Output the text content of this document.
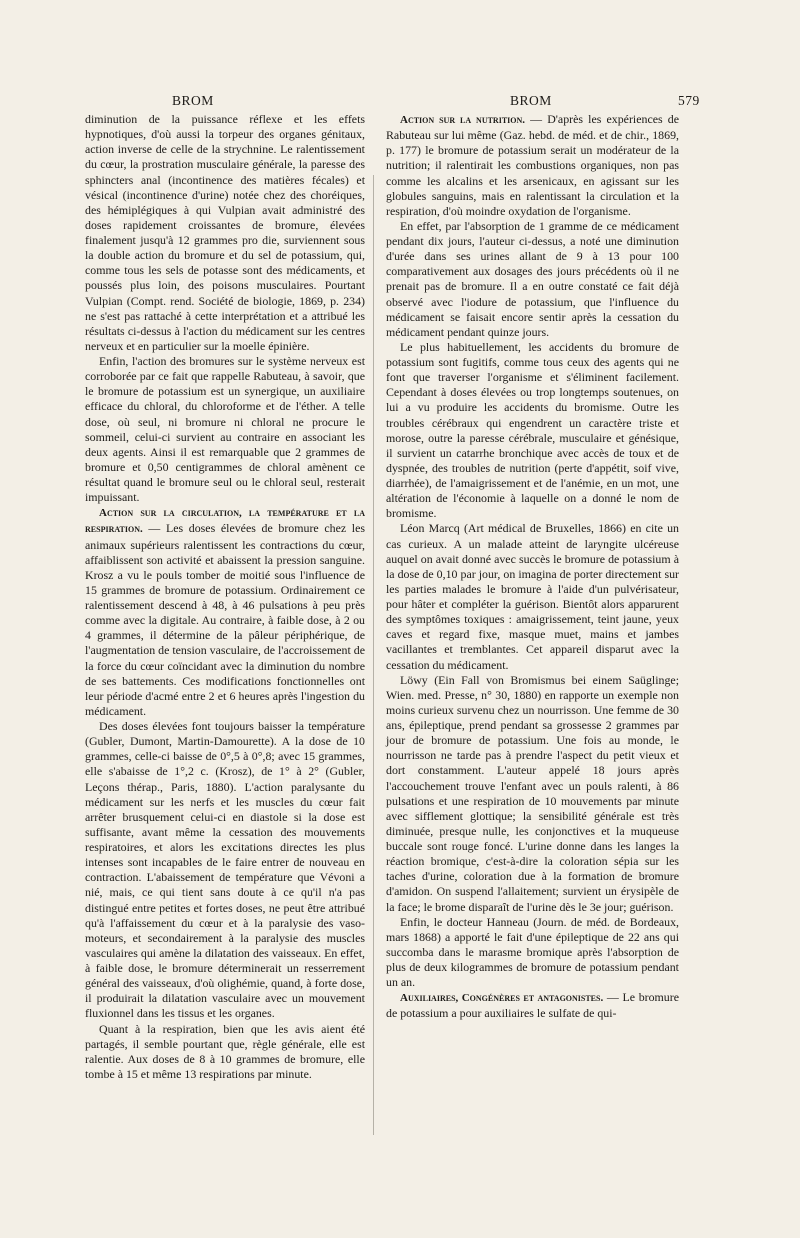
BROM	BROM	579

diminution de la puissance réflexe et les effets hypnotiques, d'où aussi la torpeur des organes génitaux, action inverse de celle de la strychnine. Le ralentissement du cœur, la prostration musculaire générale, la paresse des sphincters anal (incontinence des matières fécales) et vésical (incontinence d'urine) notée chez des choréiques, des hémiplégiques à qui Vulpian avait administré des doses rapidement croissantes de bromure, élevées finalement jusqu'à 12 grammes pro die, surviennent sous la double action du bromure et du sel de potassium, qui, comme tous les sels de potasse sont des médicaments, et poussés plus loin, des poisons musculaires. Pourtant Vulpian (Compt. rend. Société de biologie, 1869, p. 234) ne s'est pas rattaché à cette interprétation et a attribué les résultats ci-dessus à l'action du médicament sur les centres nerveux et en particulier sur la moelle épinière.

Enfin, l'action des bromures sur le système nerveux est corroborée par ce fait que rappelle Rabuteau, à savoir, que le bromure de potassium est un synergique, un auxiliaire efficace du chloral, du chloroforme et de l'éther. A telle dose, où seul, ni bromure ni chloral ne procure le sommeil, celui-ci survient au contraire en associant les deux agents. Ainsi il est remarquable que 2 grammes de bromure et 0,50 centigrammes de chloral amènent ce résultat quand le bromure seul ou le chloral seul, resterait impuissant.

Action sur la circulation, la température et la respiration. — Les doses élevées de bromure chez les animaux supérieurs ralentissent les contractions du cœur, affaiblissent son activité et abaissent la pression sanguine. Krosz a vu le pouls tomber de moitié sous l'influence de 15 grammes de bromure de potassium. Ordinairement ce ralentissement descend à 48, à 46 pulsations à peu près comme avec la digitale. Au contraire, à faible dose, à 2 ou 4 grammes, il détermine de la pâleur périphérique, de l'augmentation de tension vasculaire, de l'accroissement de la force du cœur coïncidant avec la diminution du nombre de ses battements. Ces modifications fonctionnelles ont leur période d'acmé entre 2 et 6 heures après l'ingestion du médicament.

Des doses élevées font toujours baisser la température (Gubler, Dumont, Martin-Damourette). A la dose de 10 grammes, celle-ci baisse de 0°,5 à 0°,8; avec 15 grammes, elle s'abaisse de 1°,2 c. (Krosz), de 1° à 2° (Gubler, Leçons thérap., Paris, 1880). L'action paralysante du médicament sur les nerfs et les muscles du cœur fait arrêter brusquement celui-ci en diastole si la dose est suffisante, avant même la cessation des mouvements respiratoires, et alors les excitations directes les plus intenses sont incapables de le faire entrer de nouveau en contraction. L'abaissement de température que Vévoni a nié, mais, ce qui tient sans doute à ce qu'il n'a pas distingué entre petites et fortes doses, ne peut être attribué qu'à l'affaissement du cœur et à la paralysie des vaso-moteurs, et secondairement à la paralysie des muscles vasculaires qui amène la dilatation des vaisseaux. En effet, à faible dose, le bromure déterminerait un resserrement général des vaisseaux, d'où olighémie, quand, à forte dose, il produirait la dilatation vasculaire avec un mouvement fluxionnel dans les tissus et les organes.

Quant à la respiration, bien que les avis aient été partagés, il semble pourtant que, règle générale, elle est ralentie. Aux doses de 8 à 10 grammes de bromure, elle tombe à 15 et même 13 respirations par minute.

Action sur la nutrition. — D'après les expériences de Rabuteau sur lui même (Gaz. hebd. de méd. et de chir., 1869, p. 177) le bromure de potassium serait un modérateur de la nutrition; il ralentirait les combustions organiques, non pas comme les alcalins et les arsenicaux, en agissant sur les globules sanguins, mais en ralentissant la circulation et la respiration, d'où moindre oxydation de l'organisme.

En effet, par l'absorption de 1 gramme de ce médicament pendant dix jours, l'auteur ci-dessus, a noté une diminution d'urée dans ses urines allant de 9 à 13 pour 100 comparativement aux dosages des jours précédents où il ne prenait pas de bromure. Il a en outre constaté ce fait déjà observé avec l'iodure de potassium, que l'influence du médicament se faisait encore sentir après la cessation du médicament pendant quinze jours.

Le plus habituellement, les accidents du bromure de potassium sont fugitifs, comme tous ceux des agents qui ne font que traverser l'organisme et s'éliminent facilement. Cependant à doses élevées ou trop longtemps soutenues, on lui a vu produire les accidents du bromisme. Outre les troubles cérébraux qui engendrent un caractère triste et morose, outre la paresse cérébrale, musculaire et génésique, il survient un catarrhe bronchique avec accès de toux et de dyspnée, des troubles de nutrition (perte d'appétit, soif vive, diarrhée), de l'amaigrissement et de l'anémie, en un mot, une altération de l'économie à laquelle on a donné le nom de bromisme.

Léon Marcq (Art médical de Bruxelles, 1866) en cite un cas curieux. A un malade atteint de laryngite ulcéreuse auquel on avait donné avec succès le bromure de potassium à la dose de 0,10 par jour, on imagina de porter directement sur les parties malades le bromure à l'aide d'un pulvérisateur, pour hâter et compléter la guérison. Bientôt alors apparurent des symptômes toxiques : amaigrissement, teint jaune, yeux caves et regard fixe, masque muet, mains et jambes vacillantes et tremblantes. Cet appareil disparut avec la cessation du médicament.

Löwy (Ein Fall von Bromismus bei einem Saüglinge; Wien. med. Presse, n° 30, 1880) en rapporte un exemple non moins curieux survenu chez un nourrisson. Une femme de 30 ans, épileptique, prend pendant sa grossesse 2 grammes par jour de bromure de potassium. Une fois au monde, le nourrisson ne tarde pas à prendre l'aspect du petit vieux et dort constamment. L'auteur appelé 18 jours après l'accouchement trouve l'enfant avec un pouls ralenti, à 86 pulsations et une respiration de 10 mouvements par minute avec sifflement glottique; la sensibilité générale est très diminuée, presque nulle, les conjonctives et la muqueuse buccale sont rouge foncé. L'urine donne dans les langes la réaction bromique, c'est-à-dire la coloration sépia sur les taches d'urine, coloration due à la formation de bromure d'amidon. On suspend l'allaitement; survient un érysipèle de la face; le brome disparaît de l'urine dès le 3e jour; guérison.

Enfin, le docteur Hanneau (Journ. de méd. de Bordeaux, mars 1868) a apporté le fait d'une épileptique de 22 ans qui succomba dans le marasme bromique après l'absorption de plus de deux kilogrammes de bromure de potassium pendant un an.

Auxiliaires, Congénères et antagonistes. — Le bromure de potassium a pour auxiliaires le sulfate de qui-
